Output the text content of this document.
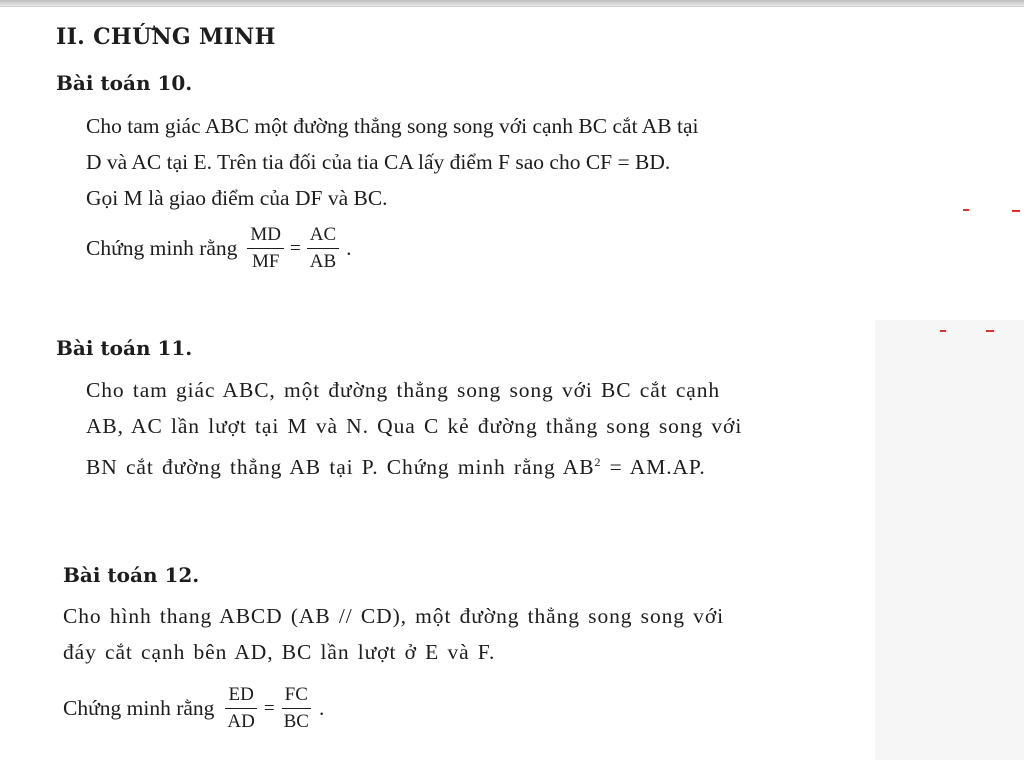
II. CHỨNG MINH
Bài toán 10.
Cho tam giác ABC một đường thẳng song song với cạnh BC cắt AB tại
D và AC tại E. Trên tia đối của tia CA lấy điểm F sao cho CF = BD.
Gọi M là giao điểm của DF và BC.
Chứng minh rằng $\frac{MD}{MF} = \frac{AC}{AB}$ .
Bài toán 11.
Cho tam giác ABC, một đường thẳng song song với BC cắt cạnh
AB, AC lần lượt tại M và N. Qua C kẻ đường thẳng song song với
BN cắt đường thẳng AB tại P. Chứng minh rằng $AB^2 = AM.AP$.
Bài toán 12.
Cho hình thang ABCD (AB // CD), một đường thẳng song song với
đáy cắt cạnh bên AD, BC lần lượt ở E và F.
Chứng minh rằng $\frac{ED}{AD} = \frac{FC}{BC}$ .
